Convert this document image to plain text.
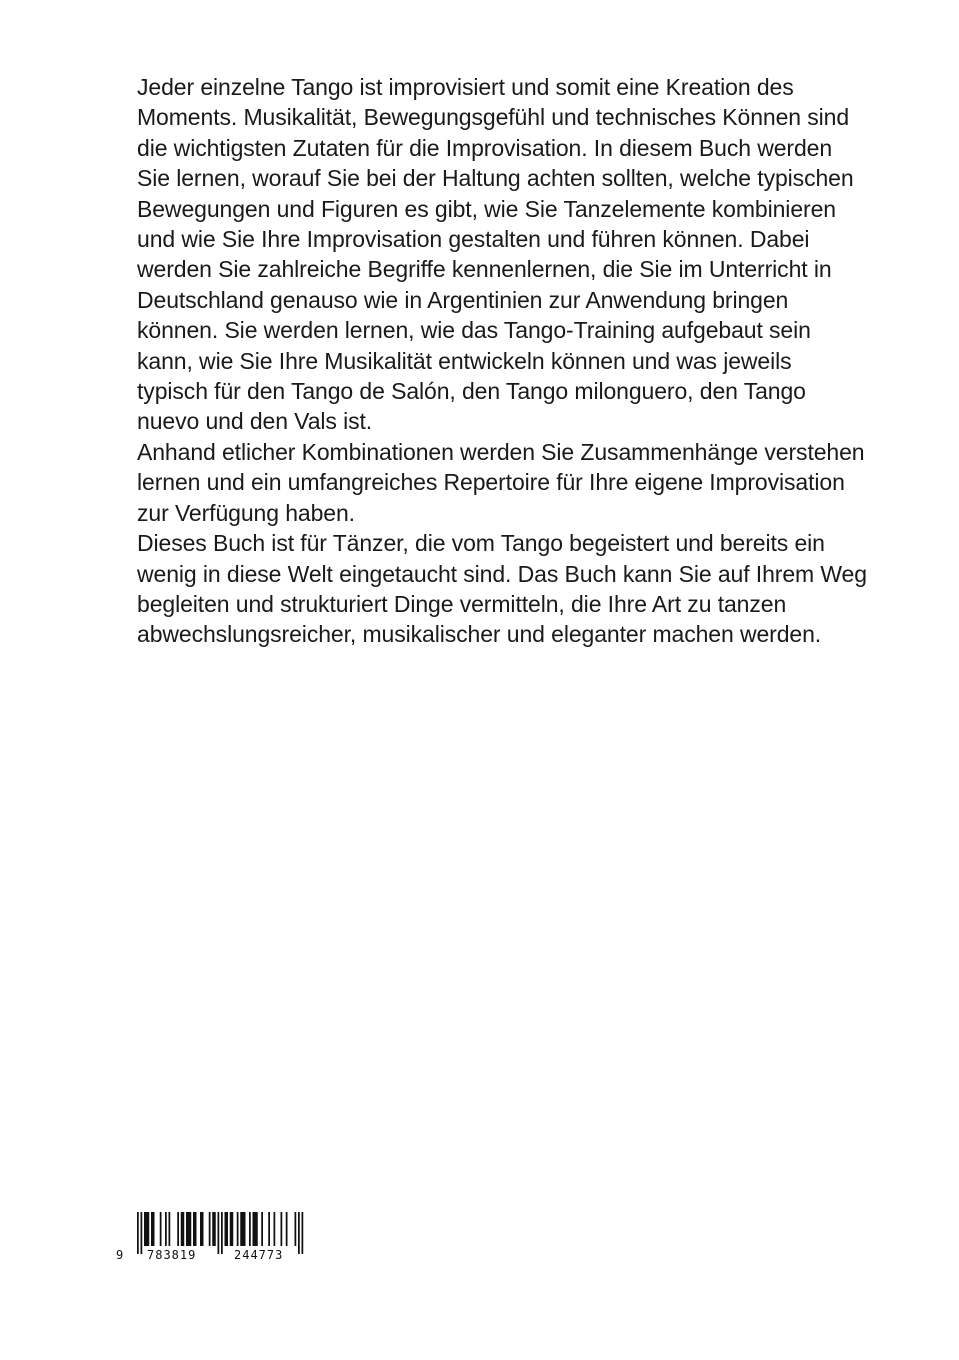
Jeder einzelne Tango ist improvisiert und somit eine Kreation des Moments. Musikalität, Bewegungsgefühl und technisches Können sind die wichtigsten Zutaten für die Improvisation. In diesem Buch werden Sie lernen, worauf Sie bei der Haltung achten sollten, welche typischen Bewegungen und Figuren es gibt, wie Sie Tanzelemente kombinieren und wie Sie Ihre Improvisation gestalten und führen können. Dabei werden Sie zahlreiche Begriffe kennenlernen, die Sie im Unterricht in Deutschland genauso wie in Argentinien zur Anwendung bringen können. Sie werden lernen, wie das Tango-Training aufgebaut sein kann, wie Sie Ihre Musikalität entwickeln können und was jeweils typisch für den Tango de Salón, den Tango milonguero, den Tango nuevo und den Vals ist.

Anhand etlicher Kombinationen werden Sie Zusammenhänge verstehen lernen und ein umfangreiches Repertoire für Ihre eigene Improvisation zur Verfügung haben.

Dieses Buch ist für Tänzer, die vom Tango begeistert und bereits ein wenig in diese Welt eingetaucht sind. Das Buch kann Sie auf Ihrem Weg begleiten und strukturiert Dinge vermitteln, die Ihre Art zu tanzen abwechslungsreicher, musikalischer und eleganter machen werden.

9 783819	244773
